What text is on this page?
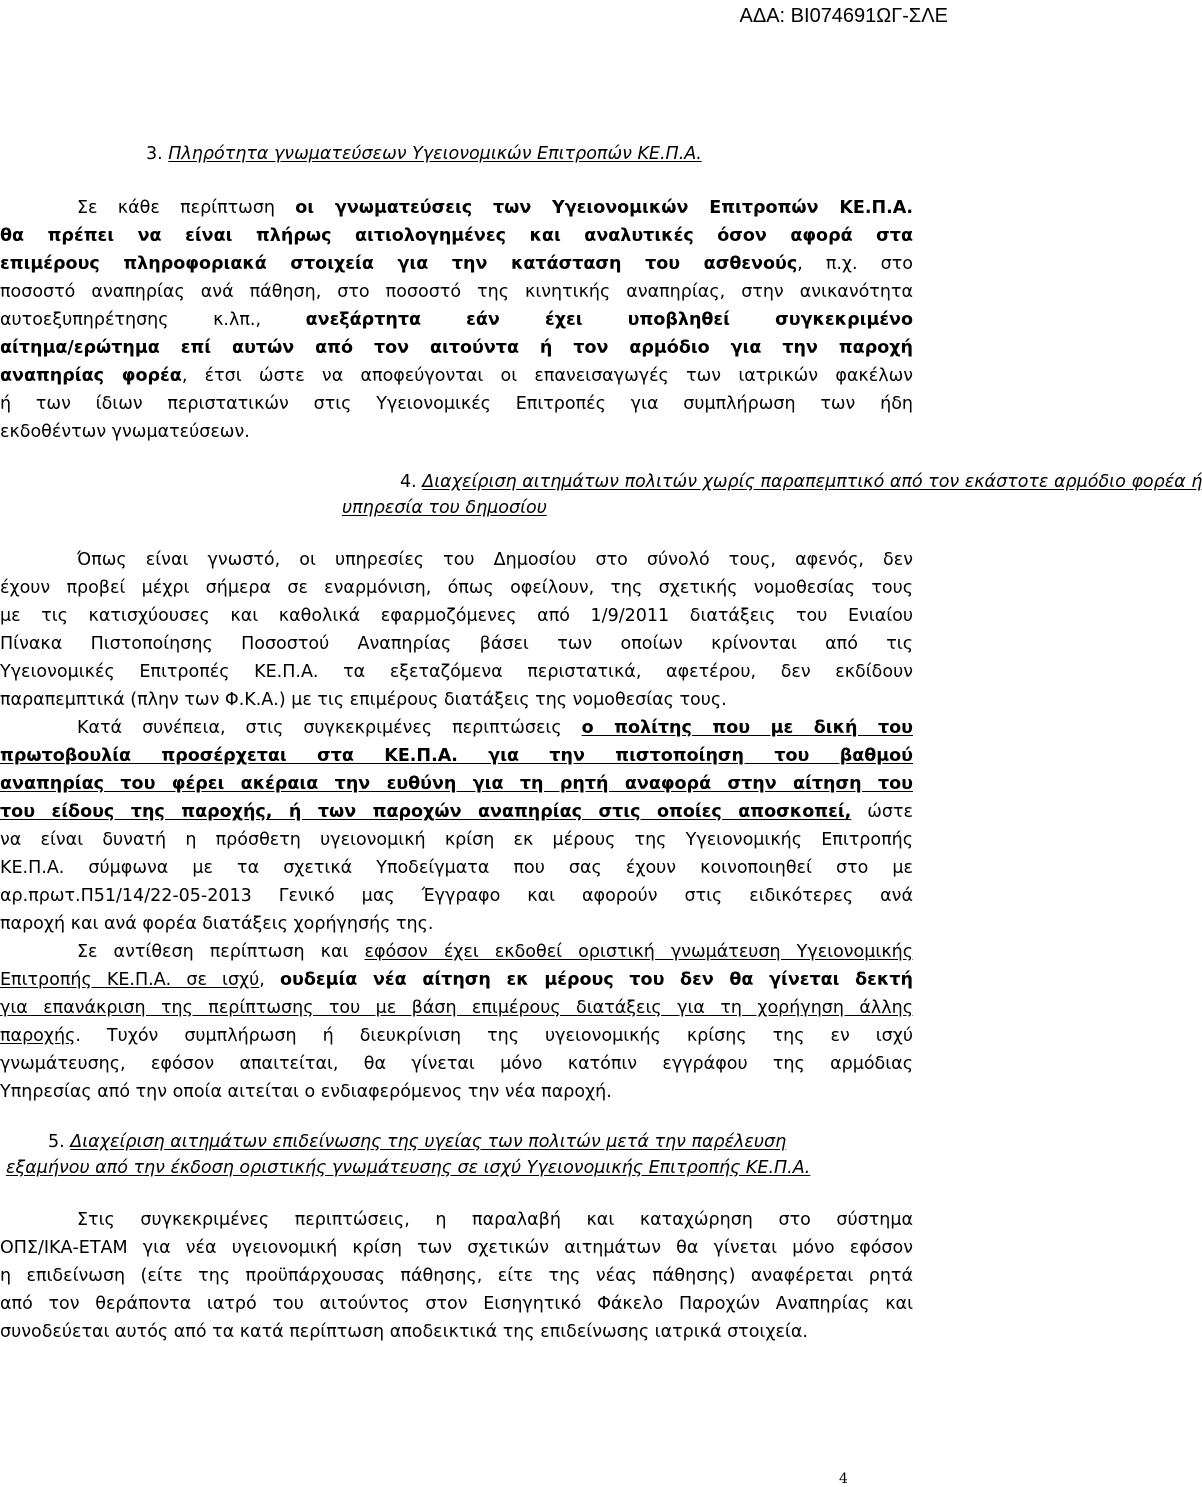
ΑΔΑ: ΒΙ074691ΩΓ-ΣΛΕ
3. Πληρότητα γνωματεύσεων Υγειονομικών Επιτροπών ΚΕ.Π.Α.
Σε κάθε περίπτωση οι γνωματεύσεις των Υγειονομικών Επιτροπών ΚΕ.Π.Α.
θα πρέπει να είναι πλήρως αιτιολογημένες και αναλυτικές όσον αφορά στα
επιμέρους πληροφοριακά στοιχεία για την κατάσταση του ασθενούς, π.χ. στο
ποσοστό αναπηρίας ανά πάθηση, στο ποσοστό της κινητικής αναπηρίας, στην ανικανότητα
αυτοεξυπηρέτησης κ.λπ., ανεξάρτητα εάν έχει υποβληθεί συγκεκριμένο
αίτημα/ερώτημα επί αυτών από τον αιτούντα ή τον αρμόδιο για την παροχή
αναπηρίας φορέα, έτσι ώστε να αποφεύγονται οι επανεισαγωγές των ιατρικών φακέλων
ή των ίδιων περιστατικών στις Υγειονομικές Επιτροπές για συμπλήρωση των ήδη
εκδοθέντων γνωματεύσεων.
4. Διαχείριση αιτημάτων πολιτών χωρίς παραπεμπτικό από τον εκάστοτε αρμόδιο φορέα ή
υπηρεσία του δημοσίου
Όπως είναι γνωστό, οι υπηρεσίες του Δημοσίου στο σύνολό τους, αφενός, δεν
έχουν προβεί μέχρι σήμερα σε εναρμόνιση, όπως οφείλουν, της σχετικής νομοθεσίας τους
με τις κατισχύουσες και καθολικά εφαρμοζόμενες από 1/9/2011 διατάξεις του Ενιαίου
Πίνακα Πιστοποίησης Ποσοστού Αναπηρίας βάσει των οποίων κρίνονται από τις
Υγειονομικές Επιτροπές ΚΕ.Π.Α. τα εξεταζόμενα περιστατικά, αφετέρου, δεν εκδίδουν
παραπεμπτικά (πλην των Φ.Κ.Α.) με τις επιμέρους διατάξεις της νομοθεσίας τους.
Κατά συνέπεια, στις συγκεκριμένες περιπτώσεις ο πολίτης που με δική του
πρωτοβουλία προσέρχεται στα ΚΕ.Π.Α. για την πιστοποίηση του βαθμού
αναπηρίας του φέρει ακέραια την ευθύνη για τη ρητή αναφορά στην αίτηση του
του είδους της παροχής, ή των παροχών αναπηρίας στις οποίες αποσκοπεί, ώστε
να είναι δυνατή η πρόσθετη υγειονομική κρίση εκ μέρους της Υγειονομικής Επιτροπής
ΚΕ.Π.Α. σύμφωνα με τα σχετικά Υποδείγματα που σας έχουν κοινοποιηθεί στο με
αρ.πρωτ.Π51/14/22-05-2013 Γενικό μας Έγγραφο και αφορούν στις ειδικότερες ανά
παροχή και ανά φορέα διατάξεις χορήγησής της.
Σε αντίθεση περίπτωση και εφόσον έχει εκδοθεί οριστική γνωμάτευση Υγειονομικής
Επιτροπής ΚΕ.Π.Α. σε ισχύ, ουδεμία νέα αίτηση εκ μέρους του δεν θα γίνεται δεκτή
για επανάκριση της περίπτωσης του με βάση επιμέρους διατάξεις για τη χορήγηση άλλης
παροχής. Τυχόν συμπλήρωση ή διευκρίνιση της υγειονομικής κρίσης της εν ισχύ
γνωμάτευσης, εφόσον απαιτείται, θα γίνεται μόνο κατόπιν εγγράφου της αρμόδιας
Υπηρεσίας από την οποία αιτείται ο ενδιαφερόμενος την νέα παροχή.
5. Διαχείριση αιτημάτων επιδείνωσης της υγείας των πολιτών μετά την παρέλευση
εξαμήνου από την έκδοση οριστικής γνωμάτευσης σε ισχύ Υγειονομικής Επιτροπής ΚΕ.Π.Α.
Στις συγκεκριμένες περιπτώσεις, η παραλαβή και καταχώρηση στο σύστημα
ΟΠΣ/ΙΚΑ-ΕΤΑΜ για νέα υγειονομική κρίση των σχετικών αιτημάτων θα γίνεται μόνο εφόσον
η επιδείνωση (είτε της προϋπάρχουσας πάθησης, είτε της νέας πάθησης) αναφέρεται ρητά
από τον θεράποντα ιατρό του αιτούντος στον Εισηγητικό Φάκελο Παροχών Αναπηρίας και
συνοδεύεται αυτός από τα κατά περίπτωση αποδεικτικά της επιδείνωσης ιατρικά στοιχεία.
4
